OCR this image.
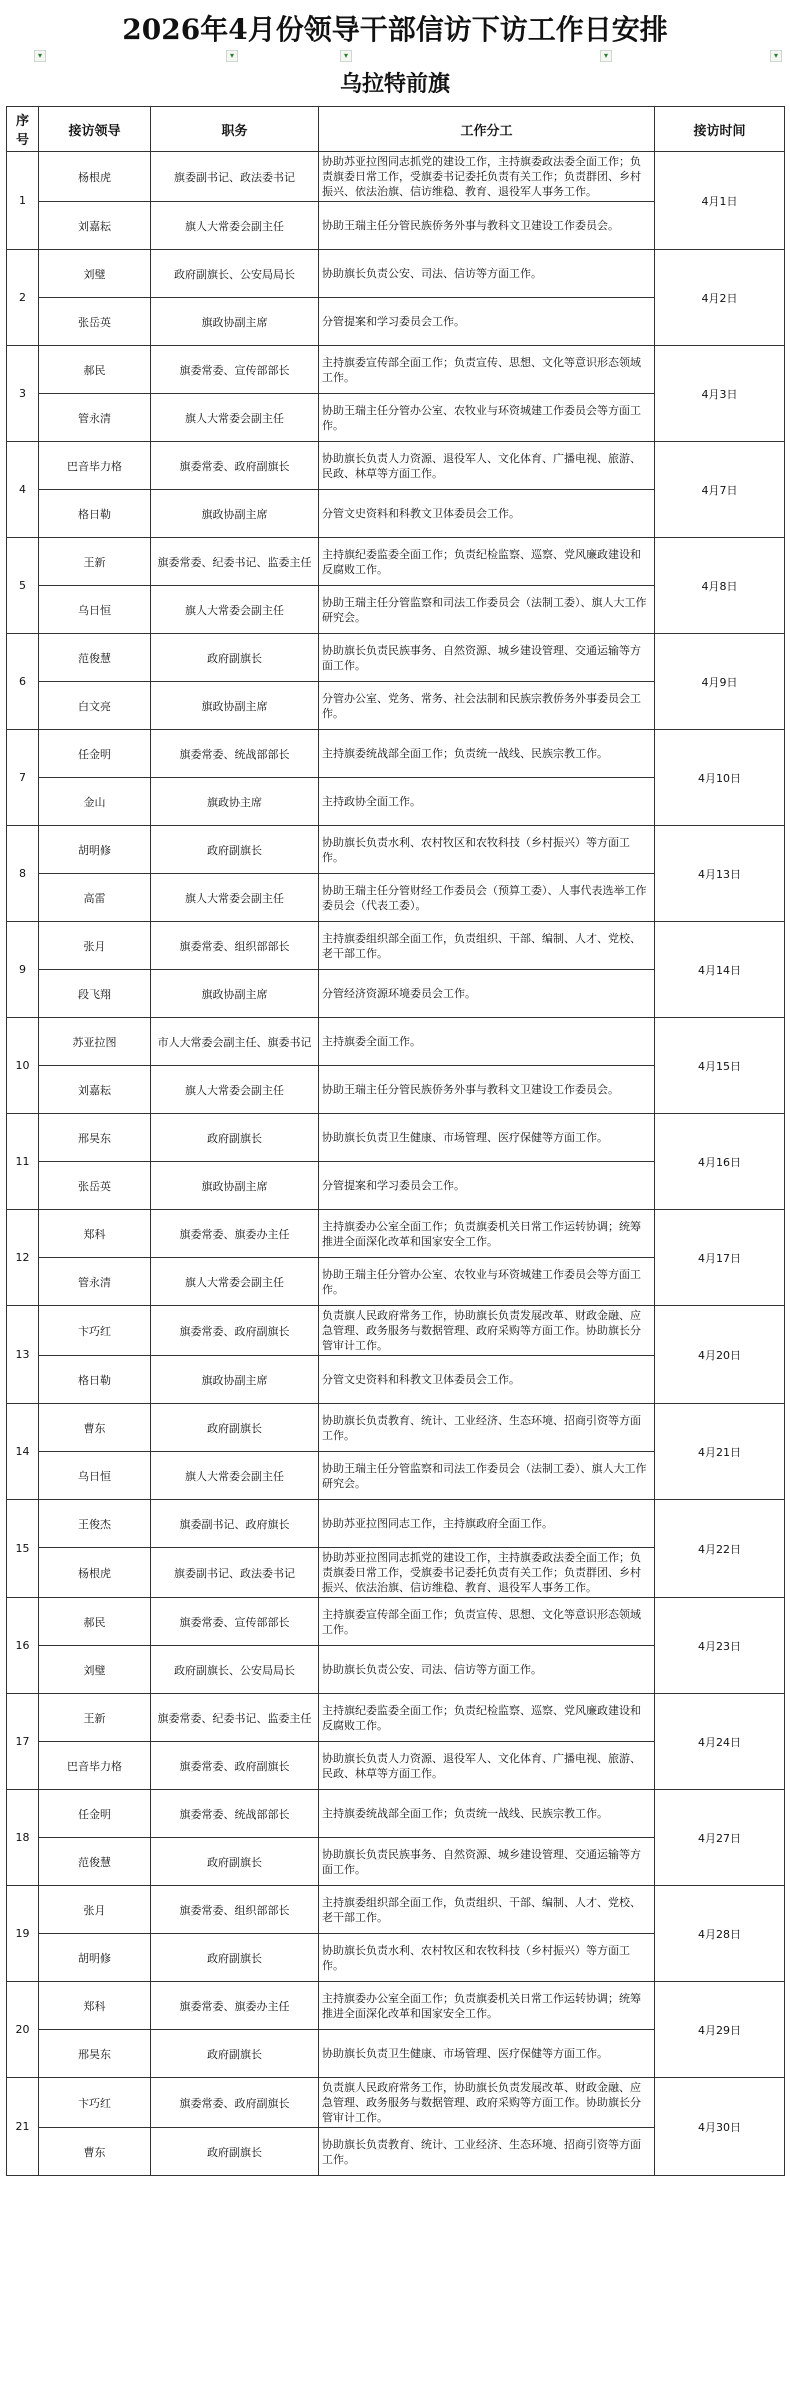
2026年4月份领导干部信访下访工作日安排
▾	▾	▾	▾	▾
乌拉特前旗
序号	接访领导	职务	工作分工	接访时间
1	杨根虎	旗委副书记、政法委书记	协助苏亚拉图同志抓党的建设工作，主持旗委政法委全面工作；负责旗委日常工作，受旗委书记委托负责有关工作；负责群团、乡村振兴、依法治旗、信访维稳、教育、退役军人事务工作。	4月1日
	刘嘉耘	旗人大常委会副主任	协助王瑞主任分管民族侨务外事与教科文卫建设工作委员会。	
2	刘璧	政府副旗长、公安局局长	协助旗长负责公安、司法、信访等方面工作。	4月2日
	张岳英	旗政协副主席	分管提案和学习委员会工作。	
3	郝民	旗委常委、宣传部部长	主持旗委宣传部全面工作；负责宣传、思想、文化等意识形态领域工作。	4月3日
	管永清	旗人大常委会副主任	协助王瑞主任分管办公室、农牧业与环资城建工作委员会等方面工作。	
4	巴音毕力格	旗委常委、政府副旗长	协助旗长负责人力资源、退役军人、文化体育、广播电视、旅游、民政、林草等方面工作。	4月7日
	格日勒	旗政协副主席	分管文史资料和科教文卫体委员会工作。	
5	王新	旗委常委、纪委书记、监委主任	主持旗纪委监委全面工作；负责纪检监察、巡察、党风廉政建设和反腐败工作。	4月8日
	乌日恒	旗人大常委会副主任	协助王瑞主任分管监察和司法工作委员会（法制工委）、旗人大工作研究会。	
6	范俊慧	政府副旗长	协助旗长负责民族事务、自然资源、城乡建设管理、交通运输等方面工作。	4月9日
	白文亮	旗政协副主席	分管办公室、党务、常务、社会法制和民族宗教侨务外事委员会工作。	
7	任金明	旗委常委、统战部部长	主持旗委统战部全面工作；负责统一战线、民族宗教工作。	4月10日
	金山	旗政协主席	主持政协全面工作。	
8	胡明修	政府副旗长	协助旗长负责水利、农村牧区和农牧科技（乡村振兴）等方面工作。	4月13日
	高雷	旗人大常委会副主任	协助王瑞主任分管财经工作委员会（预算工委）、人事代表选举工作委员会（代表工委）。	
9	张月	旗委常委、组织部部长	主持旗委组织部全面工作，负责组织、干部、编制、人才、党校、老干部工作。	4月14日
	段飞翔	旗政协副主席	分管经济资源环境委员会工作。	
10	苏亚拉图	市人大常委会副主任、旗委书记	主持旗委全面工作。	4月15日
	刘嘉耘	旗人大常委会副主任	协助王瑞主任分管民族侨务外事与教科文卫建设工作委员会。	
11	邢昊东	政府副旗长	协助旗长负责卫生健康、市场管理、医疗保健等方面工作。	4月16日
	张岳英	旗政协副主席	分管提案和学习委员会工作。	
12	郑科	旗委常委、旗委办主任	主持旗委办公室全面工作；负责旗委机关日常工作运转协调；统筹推进全面深化改革和国家安全工作。	4月17日
	管永清	旗人大常委会副主任	协助王瑞主任分管办公室、农牧业与环资城建工作委员会等方面工作。	
13	卞巧红	旗委常委、政府副旗长	负责旗人民政府常务工作，协助旗长负责发展改革、财政金融、应急管理、政务服务与数据管理、政府采购等方面工作。协助旗长分管审计工作。	4月20日
	格日勒	旗政协副主席	分管文史资料和科教文卫体委员会工作。	
14	曹东	政府副旗长	协助旗长负责教育、统计、工业经济、生态环境、招商引资等方面工作。	4月21日
	乌日恒	旗人大常委会副主任	协助王瑞主任分管监察和司法工作委员会（法制工委）、旗人大工作研究会。	
15	王俊杰	旗委副书记、政府旗长	协助苏亚拉图同志工作，主持旗政府全面工作。	4月22日
	杨根虎	旗委副书记、政法委书记	协助苏亚拉图同志抓党的建设工作，主持旗委政法委全面工作；负责旗委日常工作，受旗委书记委托负责有关工作；负责群团、乡村振兴、依法治旗、信访维稳、教育、退役军人事务工作。	
16	郝民	旗委常委、宣传部部长	主持旗委宣传部全面工作；负责宣传、思想、文化等意识形态领域工作。	4月23日
	刘璧	政府副旗长、公安局局长	协助旗长负责公安、司法、信访等方面工作。	
17	王新	旗委常委、纪委书记、监委主任	主持旗纪委监委全面工作；负责纪检监察、巡察、党风廉政建设和反腐败工作。	4月24日
	巴音毕力格	旗委常委、政府副旗长	协助旗长负责人力资源、退役军人、文化体育、广播电视、旅游、民政、林草等方面工作。	
18	任金明	旗委常委、统战部部长	主持旗委统战部全面工作；负责统一战线、民族宗教工作。	4月27日
	范俊慧	政府副旗长	协助旗长负责民族事务、自然资源、城乡建设管理、交通运输等方面工作。	
19	张月	旗委常委、组织部部长	主持旗委组织部全面工作，负责组织、干部、编制、人才、党校、老干部工作。	4月28日
	胡明修	政府副旗长	协助旗长负责水利、农村牧区和农牧科技（乡村振兴）等方面工作。	
20	郑科	旗委常委、旗委办主任	主持旗委办公室全面工作；负责旗委机关日常工作运转协调；统筹推进全面深化改革和国家安全工作。	4月29日
	邢昊东	政府副旗长	协助旗长负责卫生健康、市场管理、医疗保健等方面工作。	
21	卞巧红	旗委常委、政府副旗长	负责旗人民政府常务工作，协助旗长负责发展改革、财政金融、应急管理、政务服务与数据管理、政府采购等方面工作。协助旗长分管审计工作。	4月30日
	曹东	政府副旗长	协助旗长负责教育、统计、工业经济、生态环境、招商引资等方面工作。	
